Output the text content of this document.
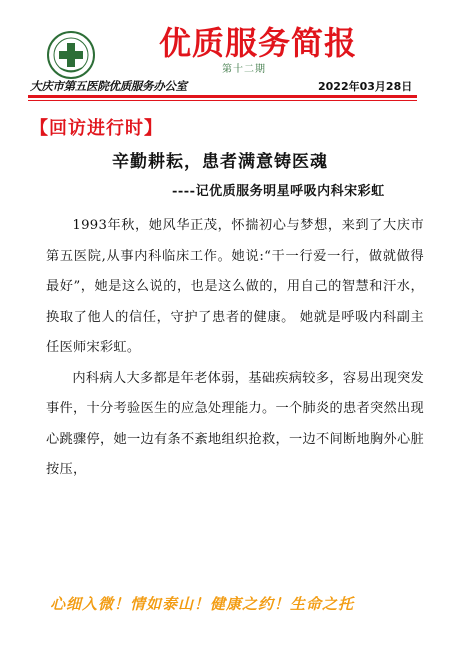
优质服务简报
第十二期
大庆市第五医院优质服务办公室	2022年03月28日
【回访进行时】
辛勤耕耘，患者满意铸医魂
----记优质服务明星呼吸内科宋彩虹

1993年秋，她风华正茂，怀揣初心与梦想，来到了大庆市第五医院,从事内科临床工作。她说:“干一行爱一行，做就做得最好”，她是这么说的，也是这么做的，用自己的智慧和汗水，换取了他人的信任，守护了患者的健康。 她就是呼吸内科副主任医师宋彩虹。

内科病人大多都是年老体弱，基础疾病较多，容易出现突发事件，十分考验医生的应急处理能力。一个肺炎的患者突然出现心跳骤停，她一边有条不紊地组织抢救，一边不间断地胸外心脏按压，

心细入微！情如泰山！健康之约！生命之托
